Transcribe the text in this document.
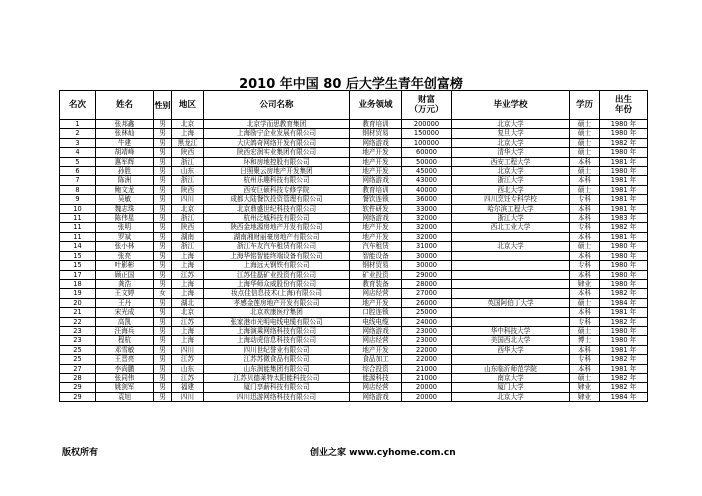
2010 年中国 80 后大学生青年创富榜
名次	姓名	性别	地区	公司名称	业务领域	财富
（万元）	毕业学校	学历	出生
年份
1	张邦鑫	男	北京	北京学而思教育集团	教育培训	200000	北京大学	硕士	1980 年
2	张林灿	男	上海	上海励宁企业发展有限公司	钢材贸易	150000	复旦大学	硕士	1980 年
3	牛建	男	黑龙江	大庆鸽奇网络开发有限公司	网络游戏	100000	北京大学	硕士	1982 年
4	胡靖峰	男	陕西	陕西宏润实业集团有限公司	地产开发	60000	清华大学	硕士	1980 年
5	惠军辉	男	浙江	环和房地控股有限公司	地产开发	50000	西安工程大学	本科	1981 年
6	孙胜	男	山东	日照聚云房地产开发集团	地产开发	45000	北京大学	硕士	1980 年
7	陈洲	男	浙江	杭州乐趣科技有限公司	网络游戏	43000	浙江大学	本科	1981 年
8	鲍文龙	男	陕西	西安巨硕科技专修学院	教育培训	40000	西北大学	硕士	1981 年
9	吴敏	男	四川	成都大陆餐饮投资管理有限公司	餐饮连锁	36000	四川烹饪专科学校	专科	1981 年
10	魏志珠	男	北京	北京鼎盛世纪科技有限公司	软件研发	33000	哈尔滨工程大学	本科	1981 年
11	陈伟星	男	浙江	杭州泛城科技有限公司	网络游戏	32000	浙江大学	本科	1983 年
11	张明	男	陕西	陕西金地源房地产开发有限公司	地产开发	32000	西北工业大学	专科	1982 年
11	罗斌	男	湖南	湖南湘财丽豪房地产有限公司	地产开发	32000		本科	1981 年
14	张小林	男	浙江	浙江车友汽车租赁有限公司	汽车租赁	31000	北京大学	硕士	1980 年
15	张亮	男	上海	上海华铭智能终端设备有限公司	智能设备	30000		本科	1980 年
15	叶影彬	男	上海	上海远天钢铁有限公司	钢材贸易	30000		专科	1980 年
17	顾正国	男	江苏	江苏佳磊矿业投资有限公司	矿业投资	29000		本科	1980 年
18	龚浩	男	上海	上海华师众威股份有限公司	教育装备	28000		肄业	1980 年
19	王文婷	女	上海	妆点佳信息技术(上海)有限公司	网店经营	27000		本科	1982 年
20	王丹	男	湖北	孝感金莲房地产开发有限公司	地产开发	26000	英国阿伯丁大学	硕士	1984 年
21	宋光成	男	北京	北京欢康医疗集团	口腔连锁	25000		本科	1981 年
22	高凯	男	江苏	张家港市光明电线电缆有限公司	电线电缆	24000		专科	1982 年
23	汪海兵	男	上海	上海演乘网络科技有限公司	网络游戏	23000	华中科技大学	硕士	1980 年
23	程杭	男	上海	上海动虎信息科技有限公司	网店经营	23000	美国西北大学	博士	1980 年
25	邓雪敏	男	四川	四川世纪誉业有限公司	地产开发	22000	西华大学	本科	1981 年
25	王晋亮	男	江苏	江苏苏微食品有限公司	食品加工	22000		专科	1982 年
27	李尚鹏	男	山东	山东润能集团有限公司	综合投资	21000	山东临沂师范学院	本科	1981 年
28	张同伟	男	江苏	江苏贝德莱特太阳能科技公司	能源科技	21000	南京大学	硕士	1982 年
29	姚剑军	男	福建	厦门享薪科技有限公司	网店经营	20000	厦门大学	肄业	1982 年
29	袁旭	男	四川	四川迅游网络科技有限公司	网络游戏	20000	北京大学	肄业	1984 年
版权所有	创业之家 www.cyhome.com.cn
